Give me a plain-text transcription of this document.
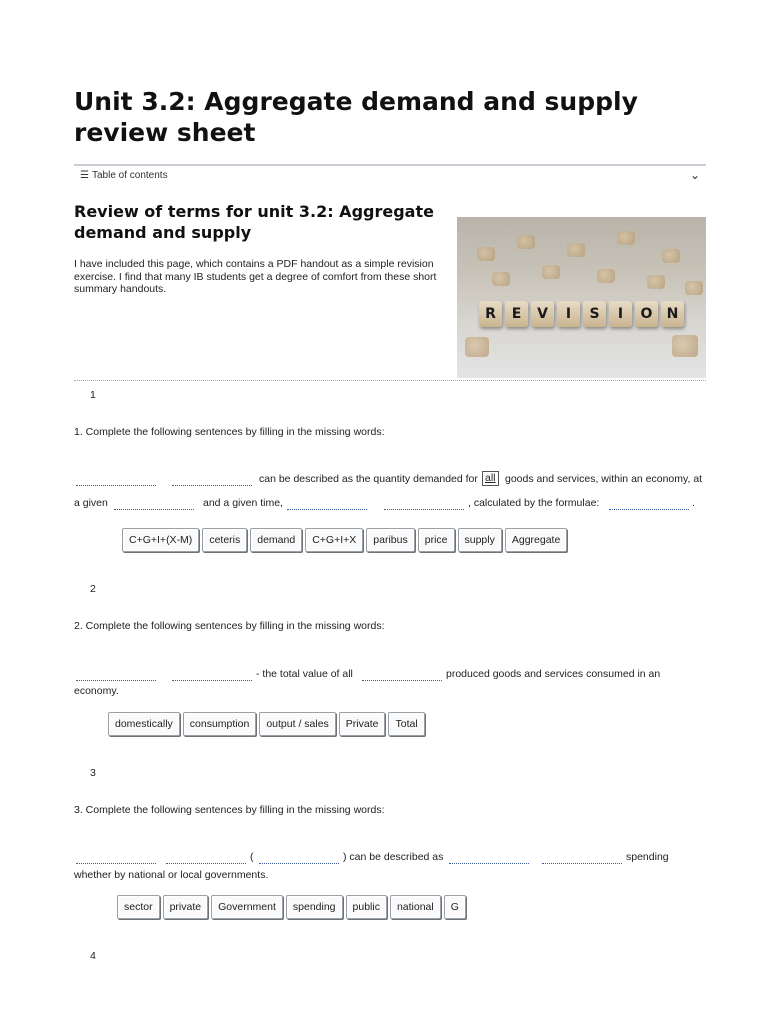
Unit 3.2: Aggregate demand and supply review sheet
☰ Table of contents	⌄
Review of terms for unit 3.2: Aggregate demand and supply
I have included this page, which contains a PDF handout as a simple revision exercise. I find that many IB students get a degree of comfort from these short summary handouts.
R	E	V	I	S	I	O	N
1
1. Complete the following sentences by filling in the missing words:
can be described as the quantity demanded for all goods and services, within an economy, at
a given	and a given time,	, calculated by the formulae:	.
C+G+I+(X-M)	ceteris	demand	C+G+I+X	paribus	price	supply	Aggregate
2
2. Complete the following sentences by filling in the missing words:
- the total value of all	produced goods and services consumed in an
economy.
domestically	consumption	output / sales	Private	Total
3
3. Complete the following sentences by filling in the missing words:
(	) can be described as	spending
whether by national or local governments.
sector	private	Government	spending	public	national	G
4
